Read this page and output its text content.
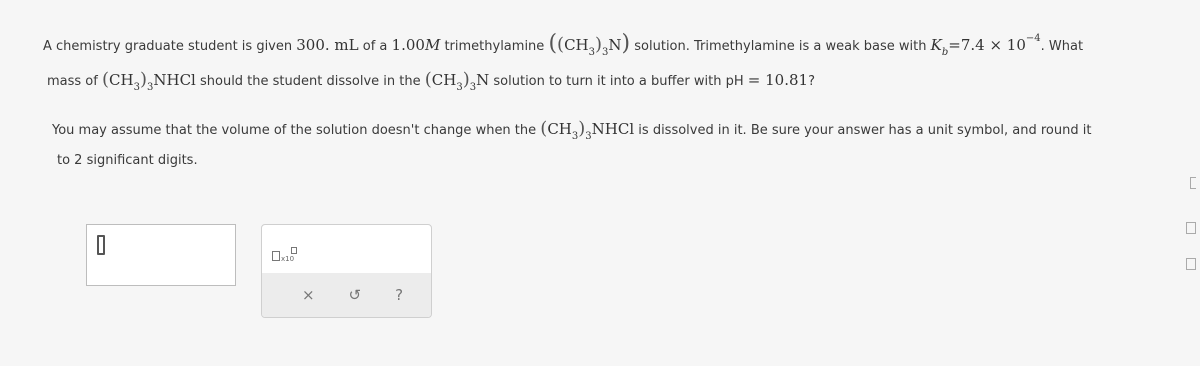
A chemistry graduate student is given 300. mL of a 1.00M trimethylamine $((CH_3)_3N)$ solution. Trimethylamine is a weak base with $K_b=7.4 \times 10^{-4}$. What
mass of $(CH_3)_3NHCl$ should the student dissolve in the $(CH_3)_3N$ solution to turn it into a buffer with pH = 10.81?
You may assume that the volume of the solution doesn't change when the $(CH_3)_3NHCl$ is dissolved in it. Be sure your answer has a unit symbol, and round it
to 2 significant digits.
x10
× ↺ ?
